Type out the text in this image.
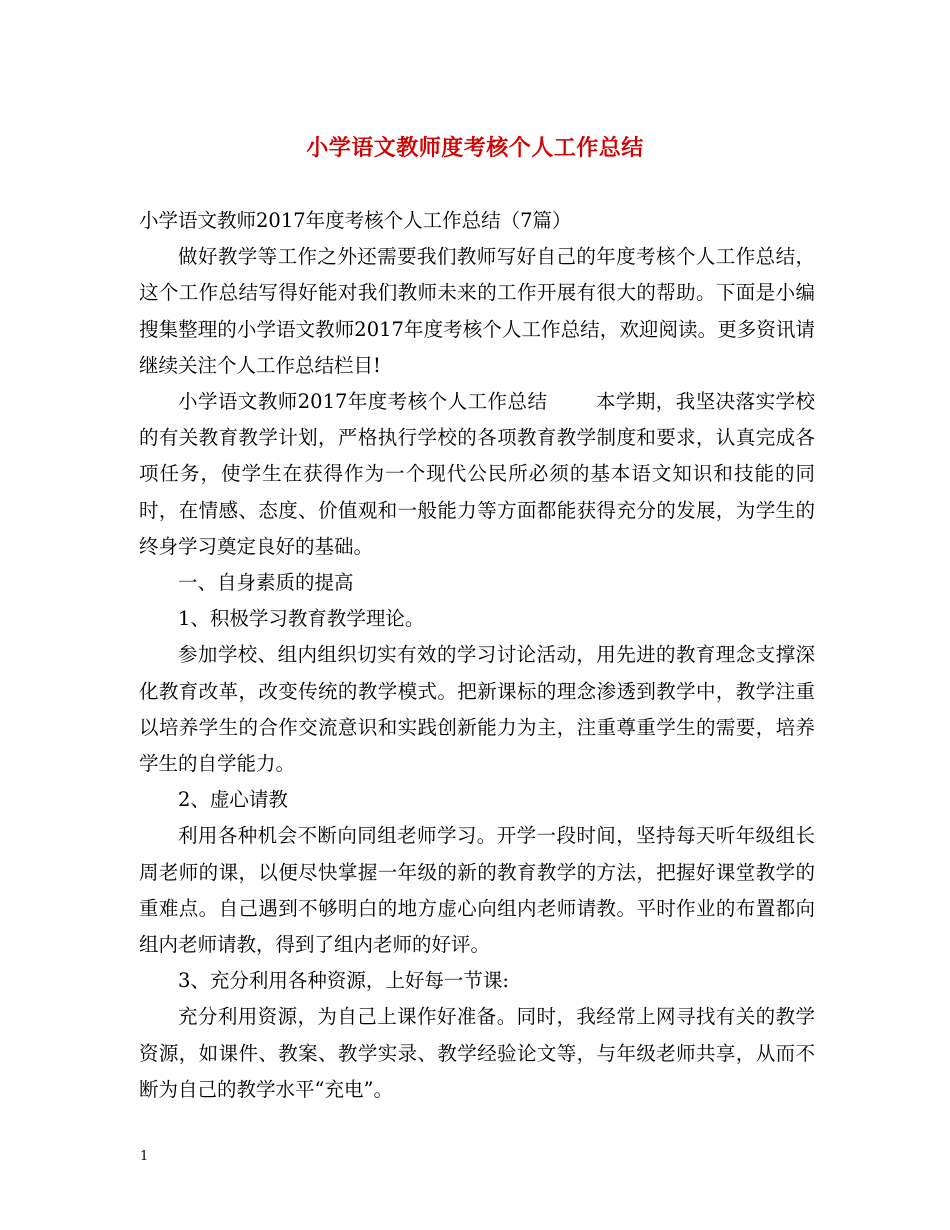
小学语文教师度考核个人工作总结

小学语文教师2017年度考核个人工作总结（7篇）

做好教学等工作之外还需要我们教师写好自己的年度考核个人工作总结，这个工作总结写得好能对我们教师未来的工作开展有很大的帮助。下面是小编搜集整理的小学语文教师2017年度考核个人工作总结，欢迎阅读。更多资讯请继续关注个人工作总结栏目!

小学语文教师2017年度考核个人工作总结 本学期，我坚决落实学校的有关教育教学计划，严格执行学校的各项教育教学制度和要求，认真完成各项任务，使学生在获得作为一个现代公民所必须的基本语文知识和技能的同时，在情感、态度、价值观和一般能力等方面都能获得充分的发展，为学生的终身学习奠定良好的基础。

一、自身素质的提高

1、积极学习教育教学理论。

参加学校、组内组织切实有效的学习讨论活动，用先进的教育理念支撑深化教育改革，改变传统的教学模式。把新课标的理念渗透到教学中，教学注重以培养学生的合作交流意识和实践创新能力为主，注重尊重学生的需要，培养学生的自学能力。

2、虚心请教

利用各种机会不断向同组老师学习。开学一段时间，坚持每天听年级组长周老师的课，以便尽快掌握一年级的新的教育教学的方法，把握好课堂教学的重难点。自己遇到不够明白的地方虚心向组内老师请教。平时作业的布置都向组内老师请教，得到了组内老师的好评。

3、充分利用各种资源，上好每一节课:

充分利用资源，为自己上课作好准备。同时，我经常上网寻找有关的教学资源，如课件、教案、教学实录、教学经验论文等，与年级老师共享，从而不断为自己的教学水平“充电”。

1
